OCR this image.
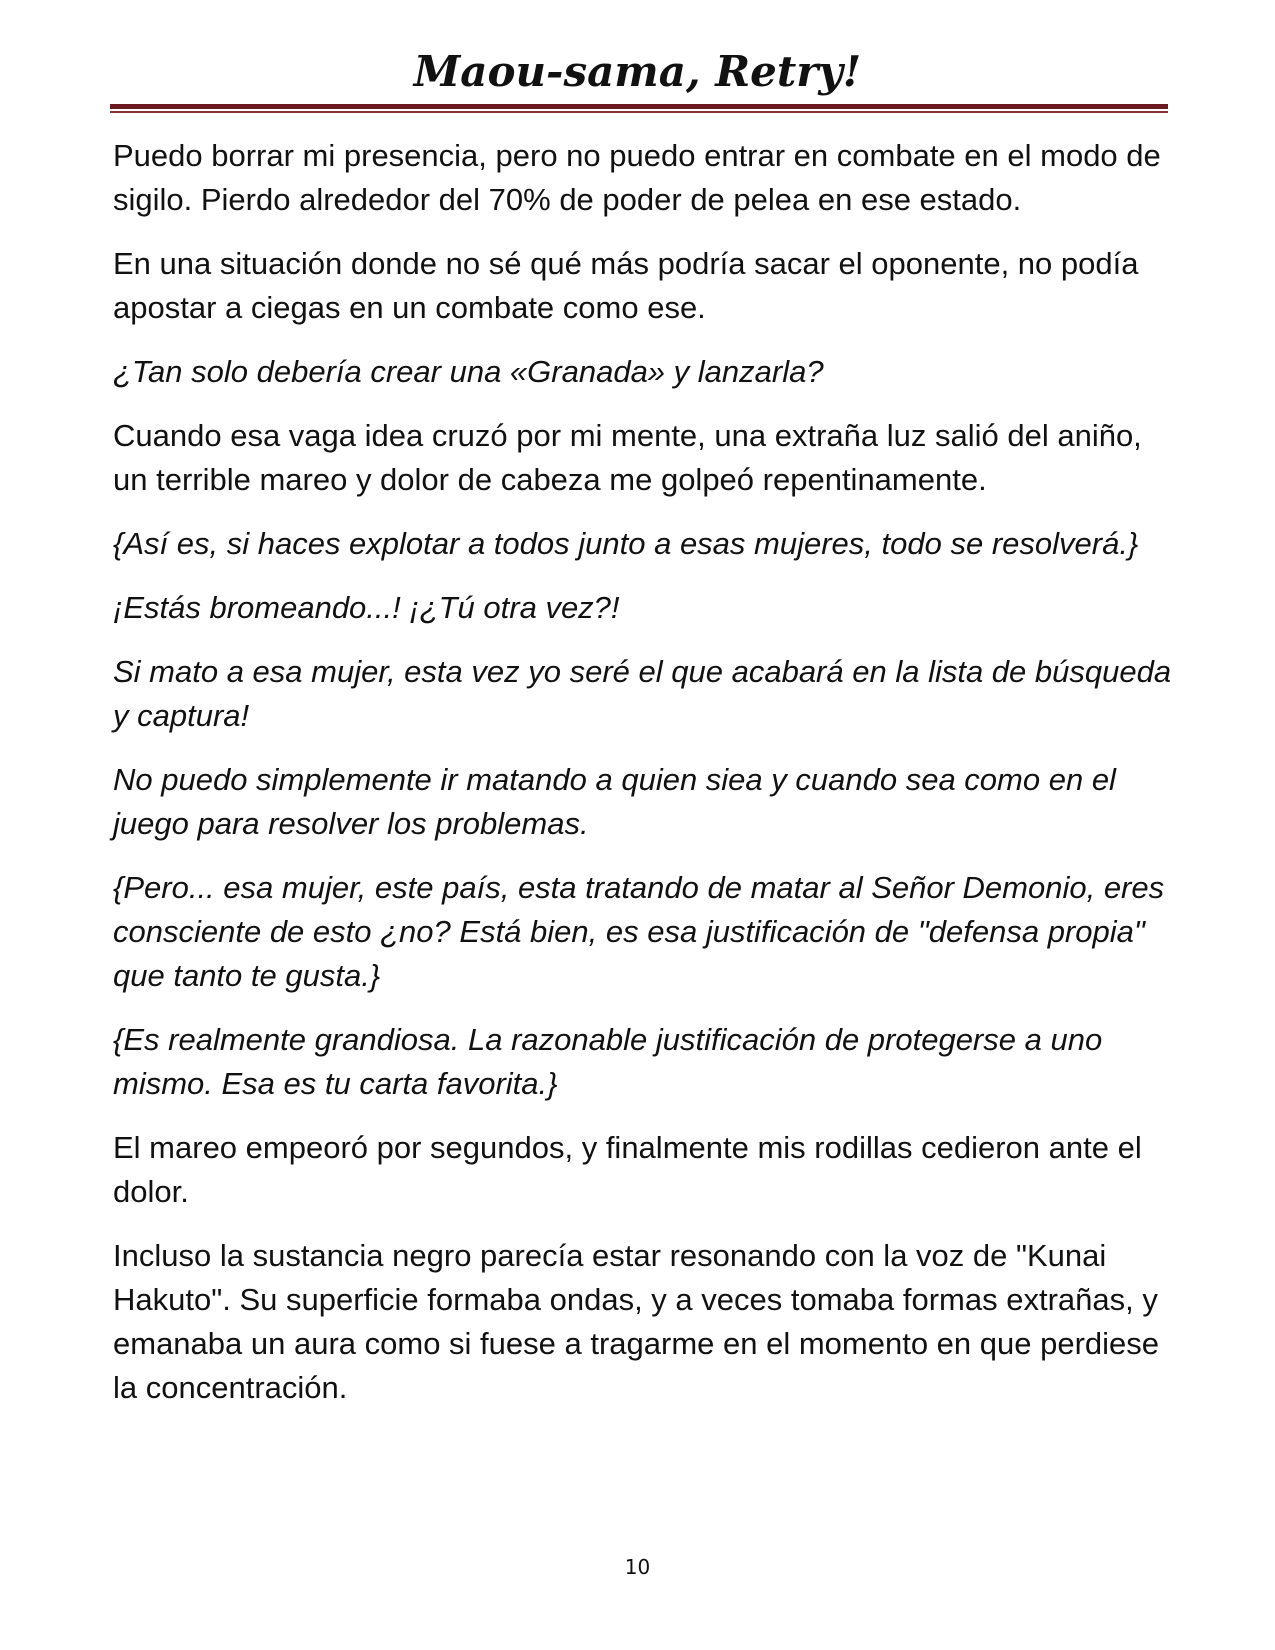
Maou-sama, Retry!

Puedo borrar mi presencia, pero no puedo entrar en combate en el modo de sigilo. Pierdo alrededor del 70% de poder de pelea en ese estado.

En una situación donde no sé qué más podría sacar el oponente, no podía apostar a ciegas en un combate como ese.

¿Tan solo debería crear una «Granada» y lanzarla?

Cuando esa vaga idea cruzó por mi mente, una extraña luz salió del aniño, un terrible mareo y dolor de cabeza me golpeó repentinamente.

{Así es, si haces explotar a todos junto a esas mujeres, todo se resolverá.}

¡Estás bromeando...! ¡¿Tú otra vez?!

Si mato a esa mujer, esta vez yo seré el que acabará en la lista de búsqueda y captura!

No puedo simplemente ir matando a quien siea y cuando sea como en el juego para resolver los problemas.

{Pero... esa mujer, este país, esta tratando de matar al Señor Demonio, eres consciente de esto ¿no? Está bien, es esa justificación de "defensa propia" que tanto te gusta.}

{Es realmente grandiosa. La razonable justificación de protegerse a uno mismo. Esa es tu carta favorita.}

El mareo empeoró por segundos, y finalmente mis rodillas cedieron ante el dolor.

Incluso la sustancia negro parecía estar resonando con la voz de "Kunai Hakuto". Su superficie formaba ondas, y a veces tomaba formas extrañas, y emanaba un aura como si fuese a tragarme en el momento en que perdiese la concentración.

10
